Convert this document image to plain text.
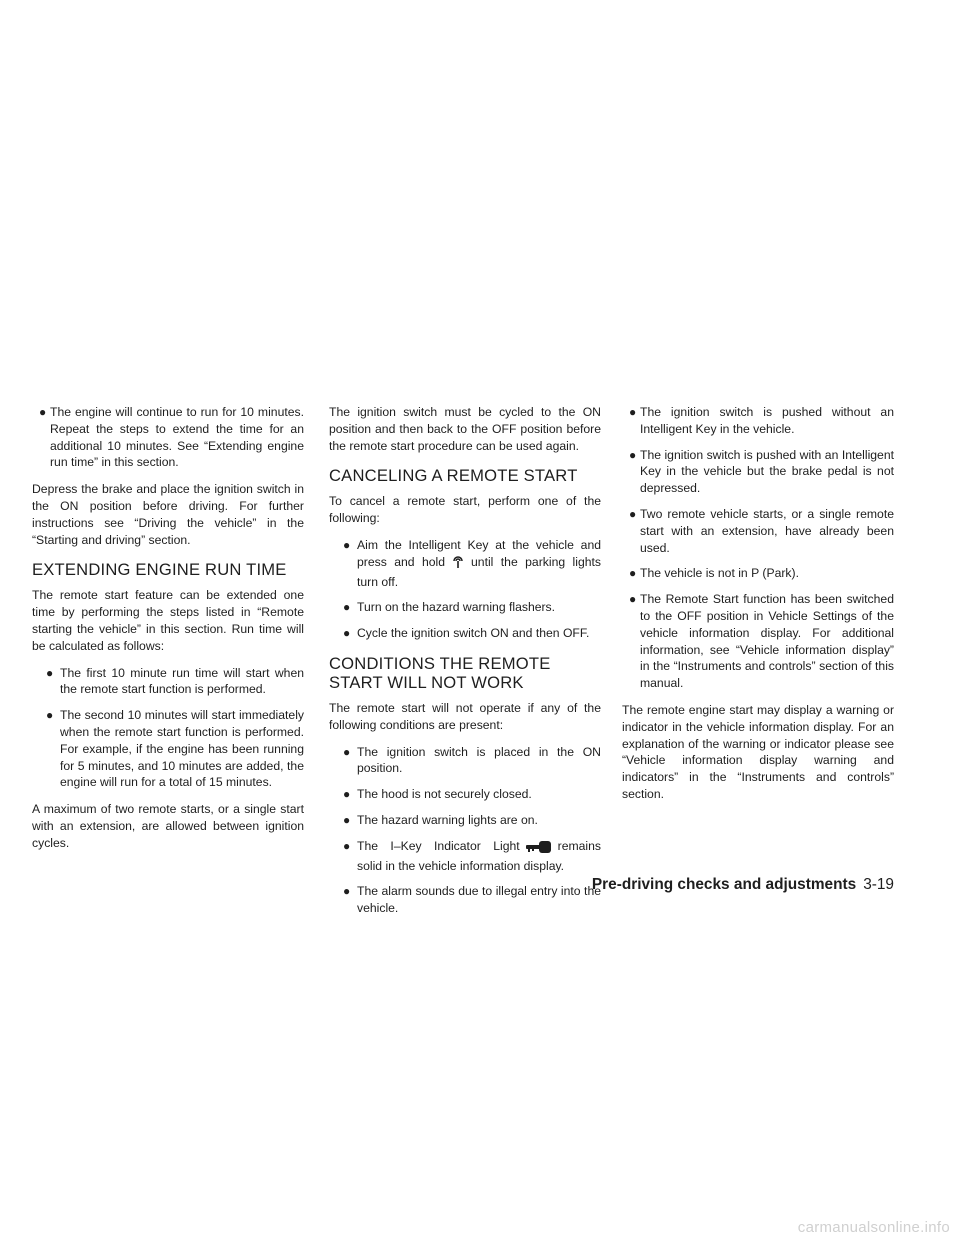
● The engine will continue to run for 10 minutes. Repeat the steps to extend the time for an additional 10 minutes. See “Extending engine run time” in this section.

Depress the brake and place the ignition switch in the ON position before driving. For further instructions see “Driving the vehicle” in the “Starting and driving” section.

EXTENDING ENGINE RUN TIME

The remote start feature can be extended one time by performing the steps listed in “Remote starting the vehicle” in this section. Run time will be calculated as follows:

● The first 10 minute run time will start when the remote start function is performed.
● The second 10 minutes will start immediately when the remote start function is performed. For example, if the engine has been running for 5 minutes, and 10 minutes are added, the engine will run for a total of 15 minutes.

A maximum of two remote starts, or a single start with an extension, are allowed between ignition cycles.

The ignition switch must be cycled to the ON position and then back to the OFF position before the remote start procedure can be used again.

CANCELING A REMOTE START

To cancel a remote start, perform one of the following:

● Aim the Intelligent Key at the vehicle and press and hold until the parking lights turn off.
● Turn on the hazard warning flashers.
● Cycle the ignition switch ON and then OFF.
CONDITIONS THE REMOTE START WILL NOT WORK

The remote start will not operate if any of the following conditions are present:

● The ignition switch is placed in the ON position.
● The hood is not securely closed.
● The hazard warning lights are on.
● The I–Key Indicator Light	remains solid in the vehicle information display.
● The alarm sounds due to illegal entry into the vehicle.
● The ignition switch is pushed without an Intelligent Key in the vehicle.
● The ignition switch is pushed with an Intelligent Key in the vehicle but the brake pedal is not depressed.
● Two remote vehicle starts, or a single remote start with an extension, have already been used.
● The vehicle is not in P (Park).
● The Remote Start function has been switched to the OFF position in Vehicle Settings of the vehicle information display. For additional information, see “Vehicle information display” in the “Instruments and controls” section of this manual.

The remote engine start may display a warning or indicator in the vehicle information display. For an explanation of the warning or indicator please see “Vehicle information display warning and indicators” in the “Instruments and controls” section.

Pre-driving checks and adjustments 3-19
carmanualsonline.info
